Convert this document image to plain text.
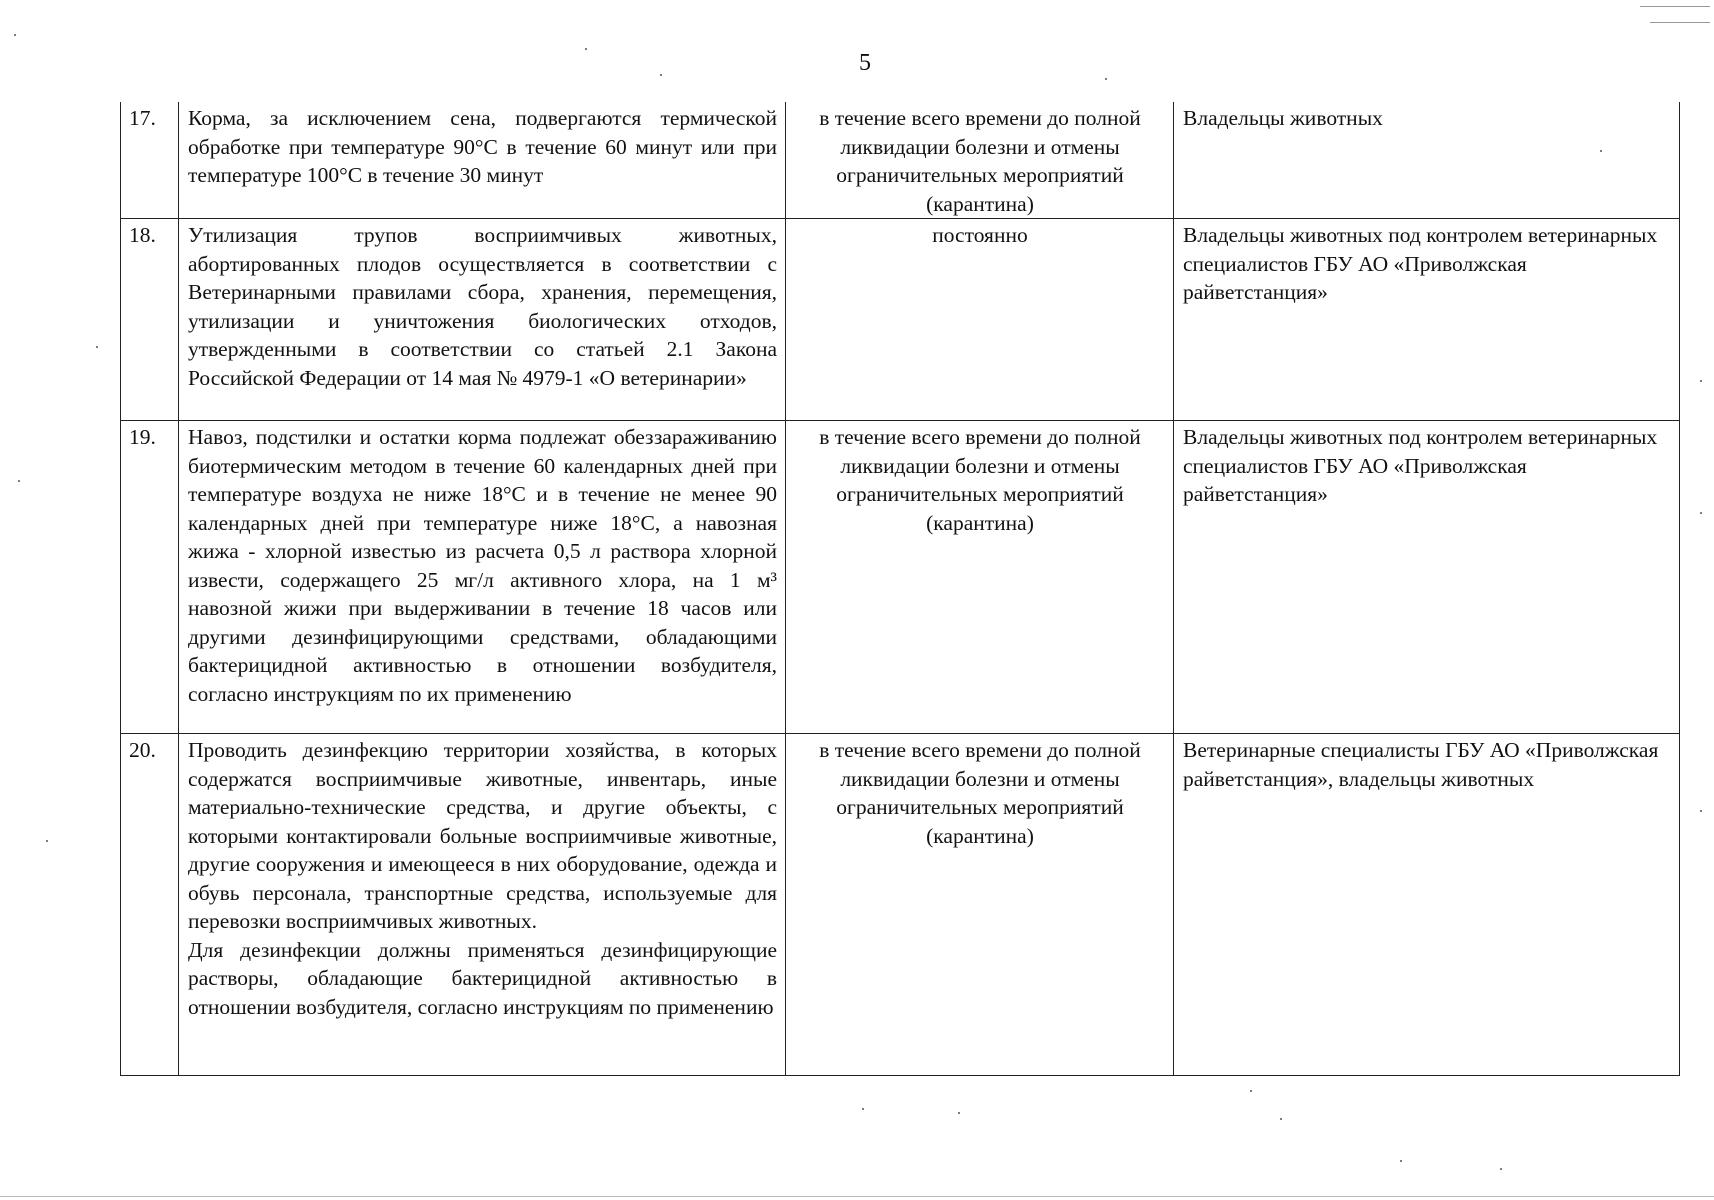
5
17.	Корма, за исключением сена, подвергаются термической обработке при температуре 90°С в течение 60 минут или при температуре 100°С в течение 30 минут	в течение всего времени до полной ликвидации болезни и отмены ограничительных мероприятий (карантина)	Владельцы животных
18.	Утилизация трупов восприимчивых животных, абортированных плодов осуществляется в соответствии с Ветеринарными правилами сбора, хранения, перемещения, утилизации и уничтожения биологических отходов, утвержденными в соответствии со статьей 2.1 Закона Российской Федерации от 14 мая № 4979-1 «О ветеринарии»	постоянно	Владельцы животных под контролем ветеринарных специалистов ГБУ АО «Приволжская райветстанция»
19.	Навоз, подстилки и остатки корма подлежат обеззараживанию биотермическим методом в течение 60 календарных дней при температуре воздуха не ниже 18°С и в течение не менее 90 календарных дней при температуре ниже 18°С, а навозная жижа - хлорной известью из расчета 0,5 л раствора хлорной извести, содержащего 25 мг/л активного хлора, на 1 м³ навозной жижи при выдерживании в течение 18 часов или другими дезинфицирующими средствами, обладающими бактерицидной активностью в отношении возбудителя, согласно инструкциям по их применению	в течение всего времени до полной ликвидации болезни и отмены ограничительных мероприятий (карантина)	Владельцы животных под контролем ветеринарных специалистов ГБУ АО «Приволжская райветстанция»
20.	Проводить дезинфекцию территории хозяйства, в которых содержатся восприимчивые животные, инвентарь, иные материально-технические средства, и другие объекты, с которыми контактировали больные восприимчивые животные, другие сооружения и имеющееся в них оборудование, одежда и обувь персонала, транспортные средства, используемые для перевозки восприимчивых животных.
Для дезинфекции должны применяться дезинфицирующие растворы, обладающие бактерицидной активностью в отношении возбудителя, согласно инструкциям по применению	в течение всего времени до полной ликвидации болезни и отмены ограничительных мероприятий (карантина)	Ветеринарные специалисты ГБУ АО «Приволжская райветстанция», владельцы животных
